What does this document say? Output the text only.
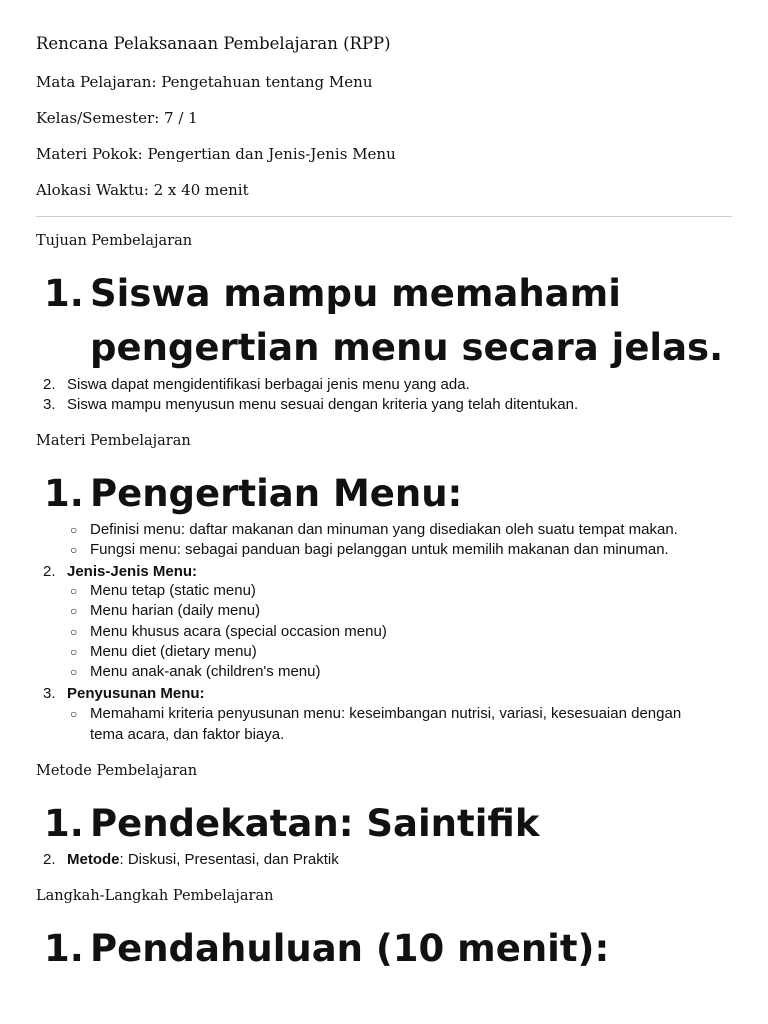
Rencana Pelaksanaan Pembelajaran (RPP)

Mata Pelajaran: Pengetahuan tentang Menu

Kelas/Semester: 7 / 1

Materi Pokok: Pengertian dan Jenis-Jenis Menu

Alokasi Waktu: 2 x 40 menit

Tujuan Pembelajaran

1. Siswa mampu memahami pengertian menu secara jelas.

2. Siswa dapat mengidentifikasi berbagai jenis menu yang ada.

3. Siswa mampu menyusun menu sesuai dengan kriteria yang telah ditentukan.

Materi Pembelajaran

1. Pengertian Menu:

○ Definisi menu: daftar makanan dan minuman yang disediakan oleh suatu tempat makan.

○ Fungsi menu: sebagai panduan bagi pelanggan untuk memilih makanan dan minuman.

2. Jenis-Jenis Menu:

○ Menu tetap (static menu)

○ Menu harian (daily menu)

○ Menu khusus acara (special occasion menu)

○ Menu diet (dietary menu)

○ Menu anak-anak (children's menu)

3. Penyusunan Menu:

○ Memahami kriteria penyusunan menu: keseimbangan nutrisi, variasi, kesesuaian dengan

tema acara, dan faktor biaya.

Metode Pembelajaran

1. Pendekatan: Saintifik

2. Metode: Diskusi, Presentasi, dan Praktik

Langkah-Langkah Pembelajaran

1. Pendahuluan (10 menit):
